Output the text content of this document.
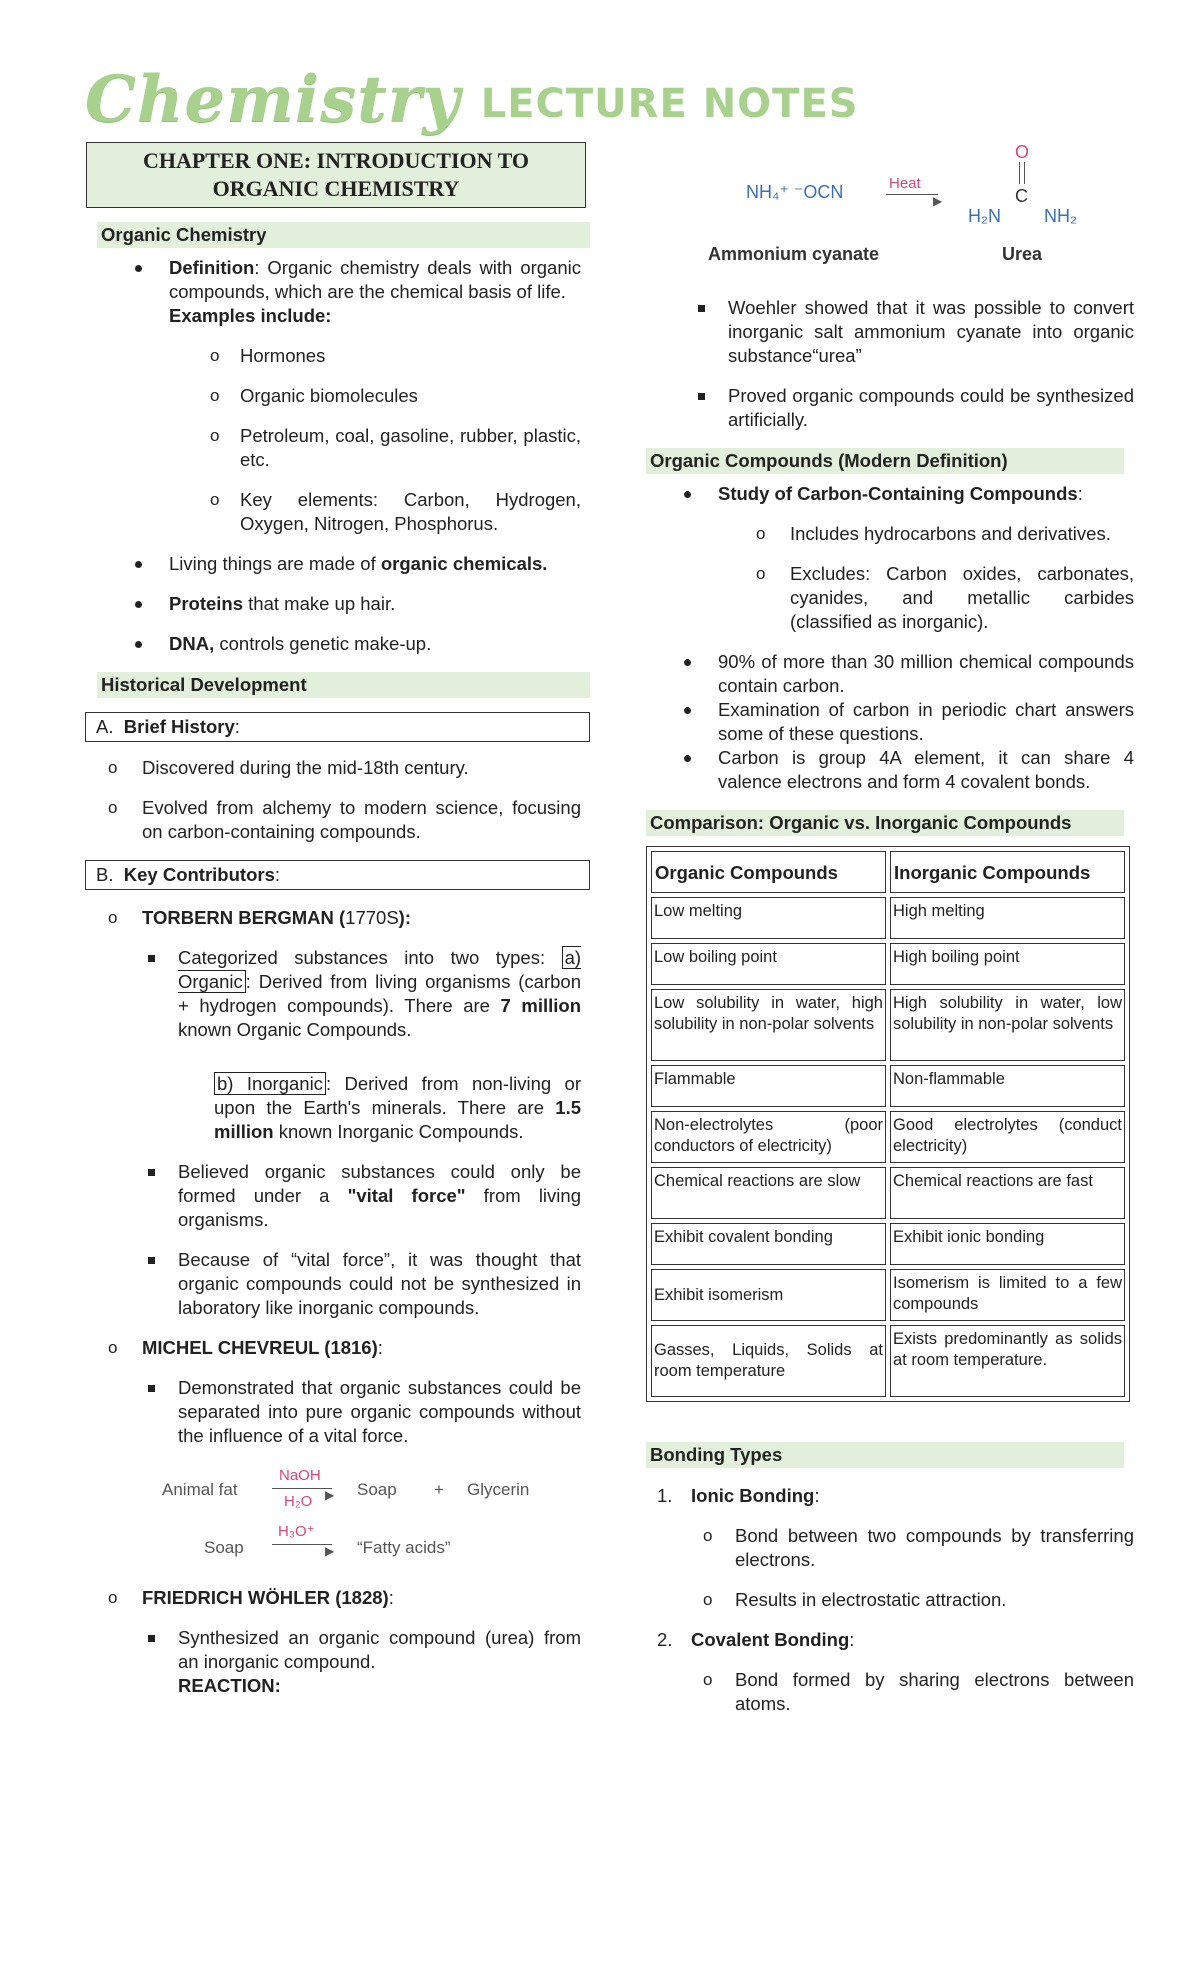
Chemistry LECTURE NOTES
CHAPTER ONE: INTRODUCTION TO
ORGANIC CHEMISTRY
Organic Chemistry
Definition: Organic chemistry deals with organic compounds, which are the chemical basis of life.
Examples include:
o Hormones
o Organic biomolecules
o Petroleum, coal, gasoline, rubber, plastic, etc.
o Key elements: Carbon, Hydrogen, Oxygen, Nitrogen, Phosphorus.
Living things are made of organic chemicals.
Proteins that make up hair.
DNA, controls genetic make-up.
Historical Development
A. Brief History:
o Discovered during the mid-18th century.
o Evolved from alchemy to modern science, focusing on carbon-containing compounds.
B. Key Contributors:
o TORBERN BERGMAN (1770S):
Categorized substances into two types: a) Organic : Derived from living organisms (carbon + hydrogen compounds). There are 7 million known Organic Compounds.
b) Inorganic : Derived from non-living or upon the Earth's minerals. There are 1.5 million known Inorganic Compounds.
Believed organic substances could only be formed under a "vital force" from living organisms.
Because of “vital force”, it was thought that organic compounds could not be synthesized in laboratory like inorganic compounds.
o MICHEL CHEVREUL (1816):
Demonstrated that organic substances could be separated into pure organic compounds without the influence of a vital force.
Animal fat
NaOH
▶
H₂O
Soap + Glycerin
Soap
H₃O⁺
▶ “Fatty acids”
o FRIEDRICH WÖHLER (1828):
Synthesized an organic compound (urea) from an inorganic compound.
REACTION:
NH₄⁺ ⁻OCN	Heat
▶
O
C
H₂N NH₂
Ammonium cyanate	Urea
Woehler showed that it was possible to convert inorganic salt ammonium cyanate into organic substance“urea”
Proved organic compounds could be synthesized artificially.
Organic Compounds (Modern Definition)
Study of Carbon-Containing Compounds:
o Includes hydrocarbons and derivatives.
o Excludes: Carbon oxides, carbonates, cyanides, and metallic carbides (classified as inorganic).
90% of more than 30 million chemical compounds contain carbon.
Examination of carbon in periodic chart answers some of these questions.
Carbon is group 4A element, it can share 4 valence electrons and form 4 covalent bonds.
Comparison: Organic vs. Inorganic Compounds
Organic Compounds	Inorganic Compounds
Low melting	High melting
Low boiling point	High boiling point
Low solubility in water, high solubility in non-polar solvents	High solubility in water, low solubility in non-polar solvents
Flammable	Non-flammable
Non-electrolytes (poor conductors of electricity)	Good electrolytes (conduct electricity)
Chemical reactions are slow	Chemical reactions are fast
Exhibit covalent bonding	Exhibit ionic bonding
Exhibit isomerism	Isomerism is limited to a few compounds
Gasses, Liquids, Solids at room temperature	Exists predominantly as solids at room temperature.
Bonding Types
1. Ionic Bonding:
o Bond between two compounds by transferring electrons.
o Results in electrostatic attraction.
2. Covalent Bonding:
o Bond formed by sharing electrons between atoms.
